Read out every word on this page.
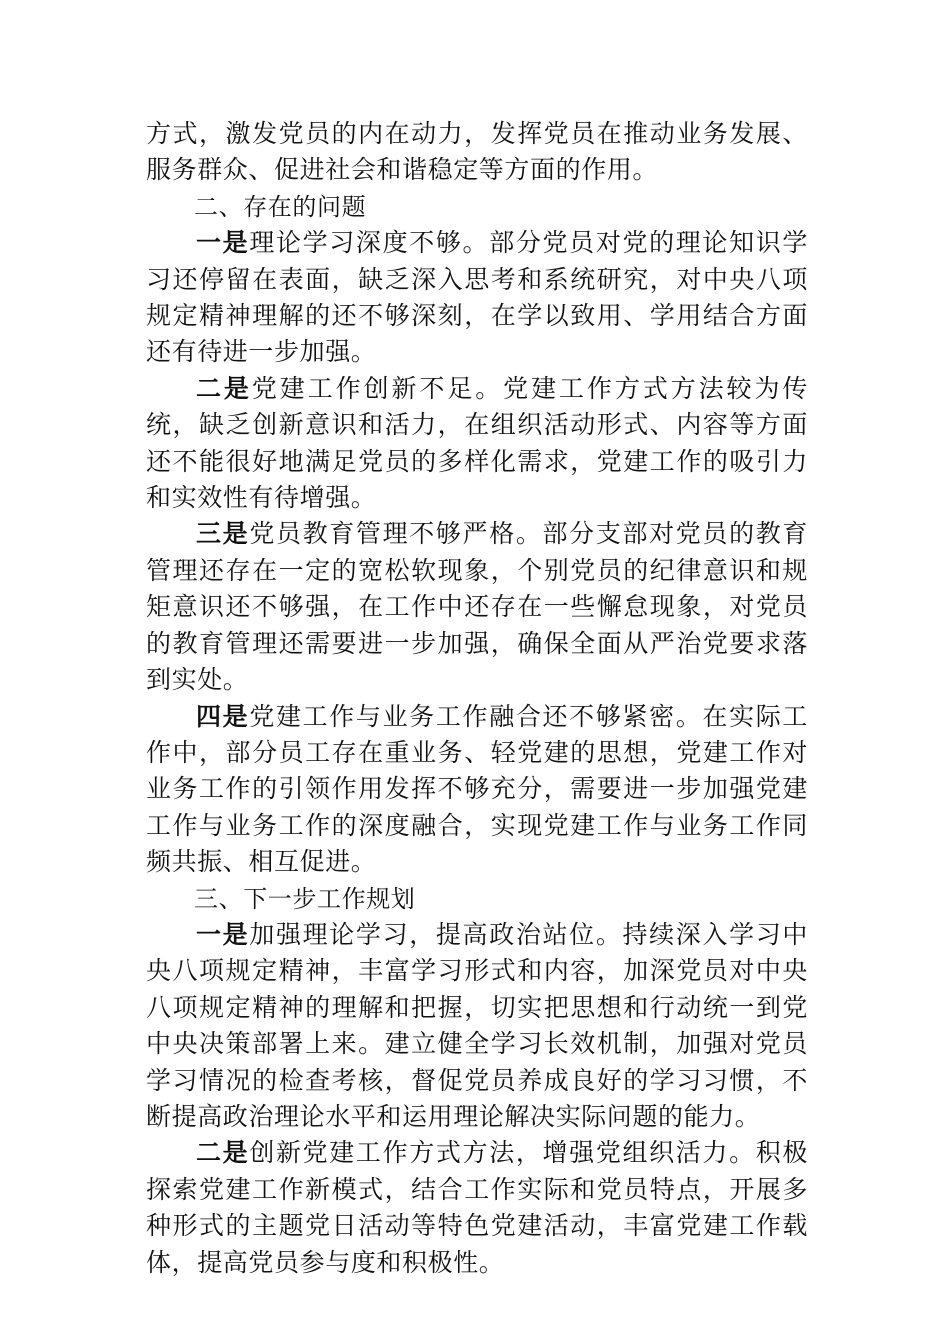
方式，激发党员的内在动力，发挥党员在推动业务发展、服务群众、促进社会和谐稳定等方面的作用。

二、存在的问题

一是理论学习深度不够。部分党员对党的理论知识学习还停留在表面，缺乏深入思考和系统研究，对中央八项规定精神理解的还不够深刻，在学以致用、学用结合方面还有待进一步加强。

二是党建工作创新不足。党建工作方式方法较为传统，缺乏创新意识和活力，在组织活动形式、内容等方面还不能很好地满足党员的多样化需求，党建工作的吸引力和实效性有待增强。

三是党员教育管理不够严格。部分支部对党员的教育管理还存在一定的宽松软现象，个别党员的纪律意识和规矩意识还不够强，在工作中还存在一些懈怠现象，对党员的教育管理还需要进一步加强，确保全面从严治党要求落到实处。

四是党建工作与业务工作融合还不够紧密。在实际工作中，部分员工存在重业务、轻党建的思想，党建工作对业务工作的引领作用发挥不够充分，需要进一步加强党建工作与业务工作的深度融合，实现党建工作与业务工作同频共振、相互促进。

三、下一步工作规划

一是加强理论学习，提高政治站位。持续深入学习中央八项规定精神，丰富学习形式和内容，加深党员对中央八项规定精神的理解和把握，切实把思想和行动统一到党中央决策部署上来。建立健全学习长效机制，加强对党员学习情况的检查考核，督促党员养成良好的学习习惯，不断提高政治理论水平和运用理论解决实际问题的能力。

二是创新党建工作方式方法，增强党组织活力。积极探索党建工作新模式，结合工作实际和党员特点，开展多种形式的主题党日活动等特色党建活动，丰富党建工作载体，提高党员参与度和积极性。
